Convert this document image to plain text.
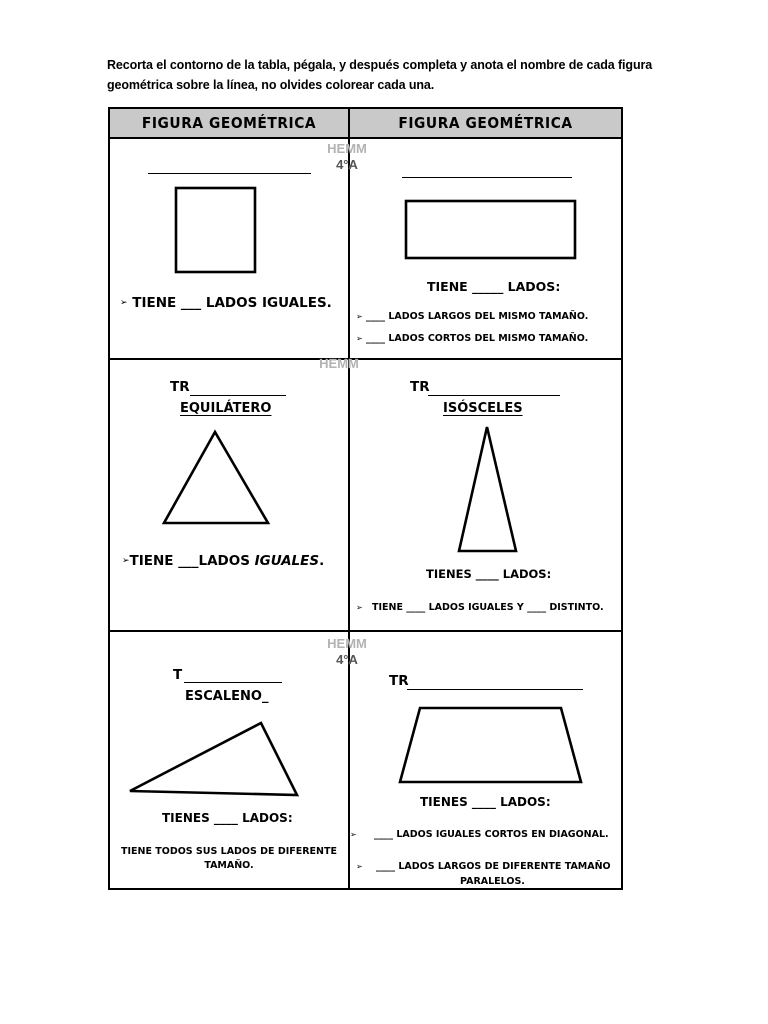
Recorta el contorno de la tabla, pégala, y después completa y anota el nombre de cada figura
geométrica sobre la línea, no olvides colorear cada una.
FIGURA GEOMÉTRICA	FIGURA GEOMÉTRICA
➢ TIENE ___ LADOS IGUALES.
TIENE _____ LADOS:
➢ ____ LADOS LARGOS DEL MISMO TAMAÑO.
➢ ____ LADOS CORTOS DEL MISMO TAMAÑO.
TR
EQUILÁTERO
➢TIENE ___LADOS IGUALES.
TR
ISÓSCELES
TIENES ____ LADOS:
➢ TIENE ____ LADOS IGUALES Y ____ DISTINTO.
T
ESCALENO_
TIENES ____ LADOS:
TIENE TODOS SUS LADOS DE DIFERENTE
TAMAÑO.
TR
TIENES ____ LADOS:
➢ ____ LADOS IGUALES CORTOS EN DIAGONAL.
➢ ____ LADOS LARGOS DE DIFERENTE TAMAÑO
PARALELOS.
HEMM
4°A
HEMM
HEMM
4°A
